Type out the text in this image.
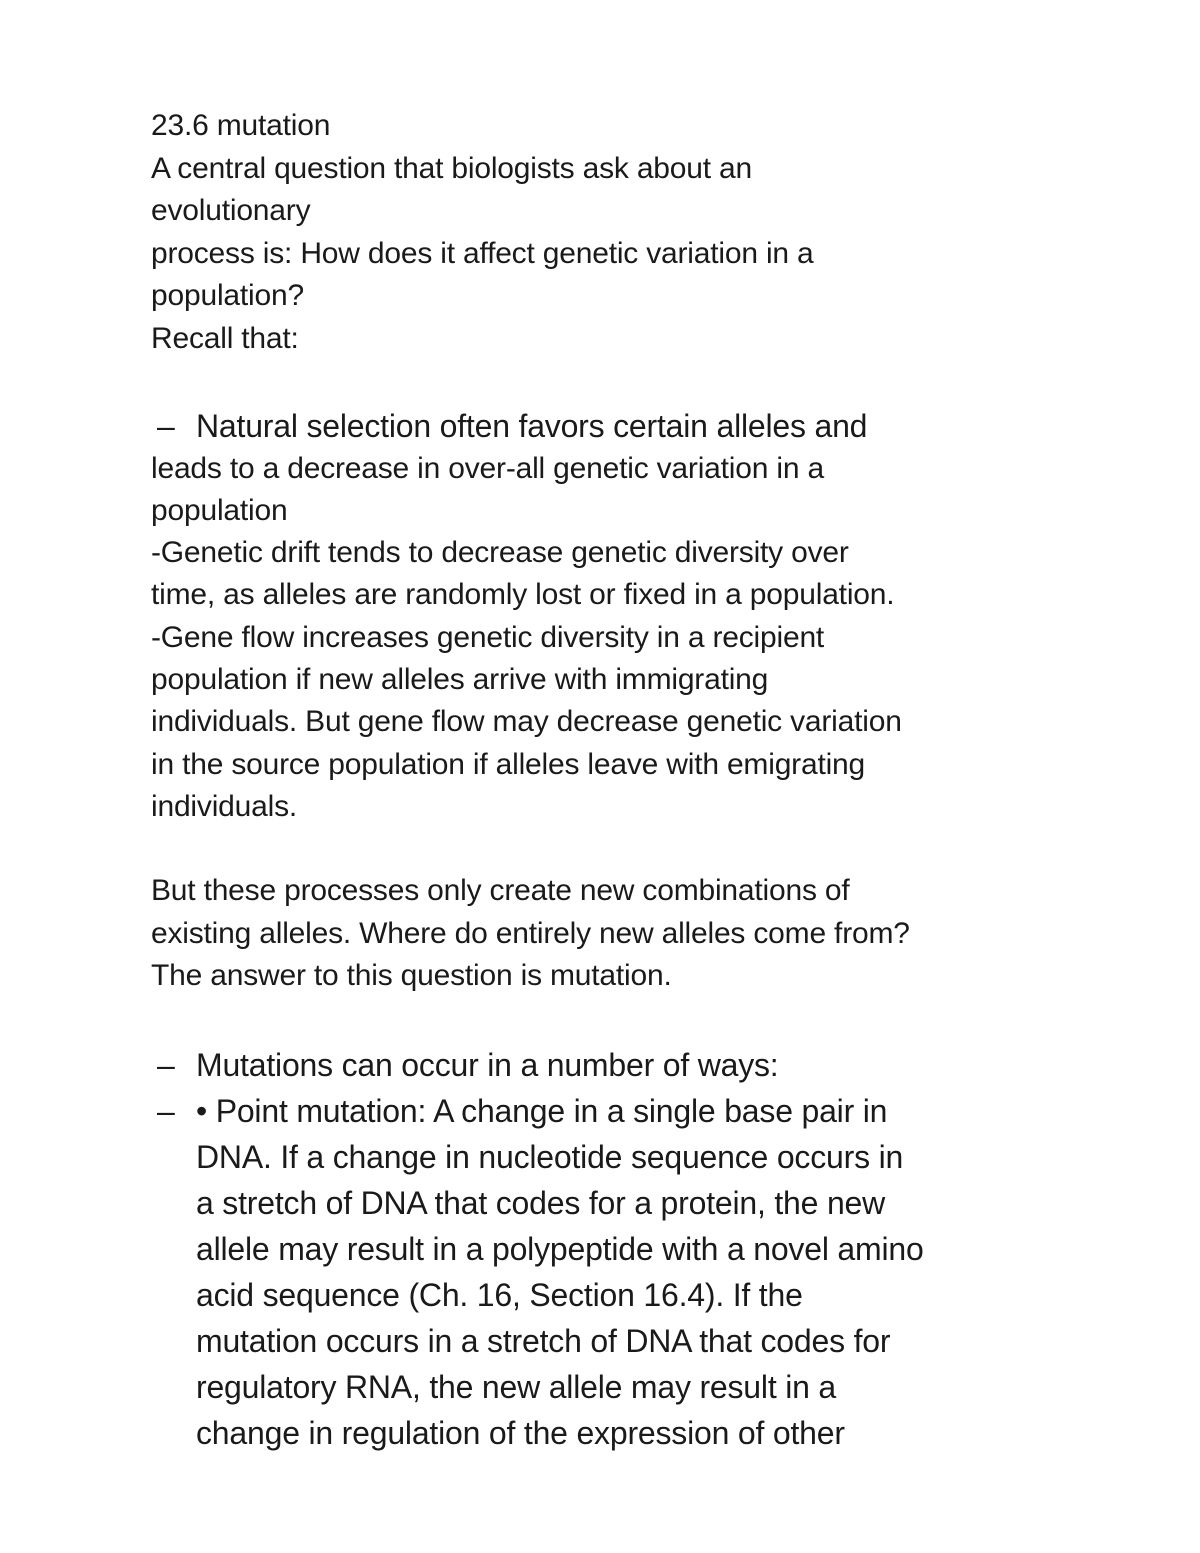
23.6 mutation
A central question that biologists ask about an
evolutionary
process is: How does it affect genetic variation in a
population?
Recall that:
– Natural selection often favors certain alleles and
leads to a decrease in over-all genetic variation in a
population
-Genetic drift tends to decrease genetic diversity over
time, as alleles are randomly lost or fixed in a population.
-Gene flow increases genetic diversity in a recipient
population if new alleles arrive with immigrating
individuals. But gene flow may decrease genetic variation
in the source population if alleles leave with emigrating
individuals.
But these processes only create new combinations of
existing alleles. Where do entirely new alleles come from?
The answer to this question is mutation.
– Mutations can occur in a number of ways:
– • Point mutation: A change in a single base pair in
DNA. If a change in nucleotide sequence occurs in
a stretch of DNA that codes for a protein, the new
allele may result in a polypeptide with a novel amino
acid sequence (Ch. 16, Section 16.4). If the
mutation occurs in a stretch of DNA that codes for
regulatory RNA, the new allele may result in a
change in regulation of the expression of other
